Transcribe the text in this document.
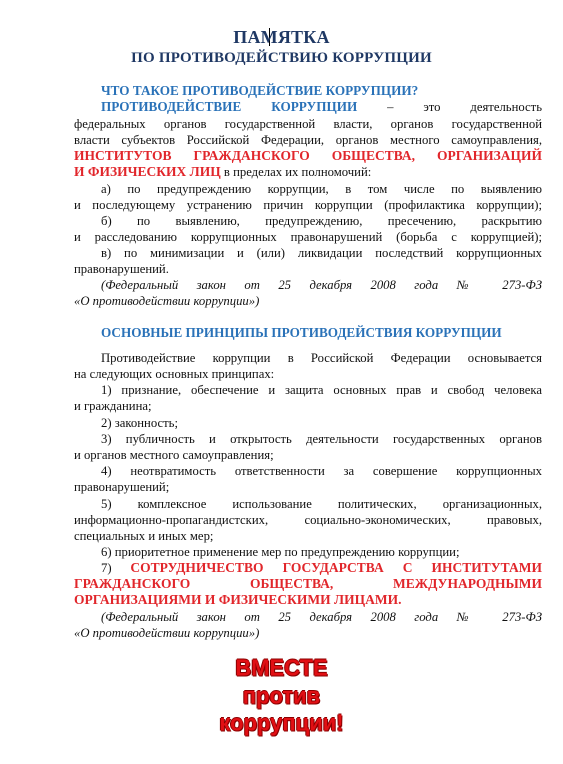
ПАМЯТКА
ПО ПРОТИВОДЕЙСТВИЮ КОРРУПЦИИ
ЧТО ТАКОЕ ПРОТИВОДЕЙСТВИЕ КОРРУПЦИИ?
ПРОТИВОДЕЙСТВИЕ КОРРУПЦИИ – это деятельность
федеральных органов государственной власти, органов государственной
власти субъектов Российской Федерации, органов местного самоуправления,
ИНСТИТУТОВ ГРАЖДАНСКОГО ОБЩЕСТВА, ОРГАНИЗАЦИЙ
И ФИЗИЧЕСКИХ ЛИЦ в пределах их полномочий:
а) по предупреждению коррупции, в том числе по выявлению
и последующему устранению причин коррупции (профилактика коррупции);
б) по выявлению, предупреждению, пресечению, раскрытию
и расследованию коррупционных правонарушений (борьба с коррупцией);
в) по минимизации и (или) ликвидации последствий коррупционных
правонарушений.
(Федеральный закон от 25 декабря 2008 года № 273-ФЗ
«О противодействии коррупции»)
ОСНОВНЫЕ ПРИНЦИПЫ ПРОТИВОДЕЙСТВИЯ КОРРУПЦИИ
Противодействие коррупции в Российской Федерации основывается
на следующих основных принципах:
1) признание, обеспечение и защита основных прав и свобод человека
и гражданина;
2) законность;
3) публичность и открытость деятельности государственных органов
и органов местного самоуправления;
4) неотвратимость ответственности за совершение коррупционных
правонарушений;
5) комплексное использование политических, организационных,
информационно-пропагандистских, социально-экономических, правовых,
специальных и иных мер;
6) приоритетное применение мер по предупреждению коррупции;
7) СОТРУДНИЧЕСТВО ГОСУДАРСТВА С ИНСТИТУТАМИ
ГРАЖДАНСКОГО ОБЩЕСТВА, МЕЖДУНАРОДНЫМИ
ОРГАНИЗАЦИЯМИ И ФИЗИЧЕСКИМИ ЛИЦАМИ.
(Федеральный закон от 25 декабря 2008 года № 273-ФЗ
«О противодействии коррупции»)
ВМЕСТЕ
против
коррупции!
